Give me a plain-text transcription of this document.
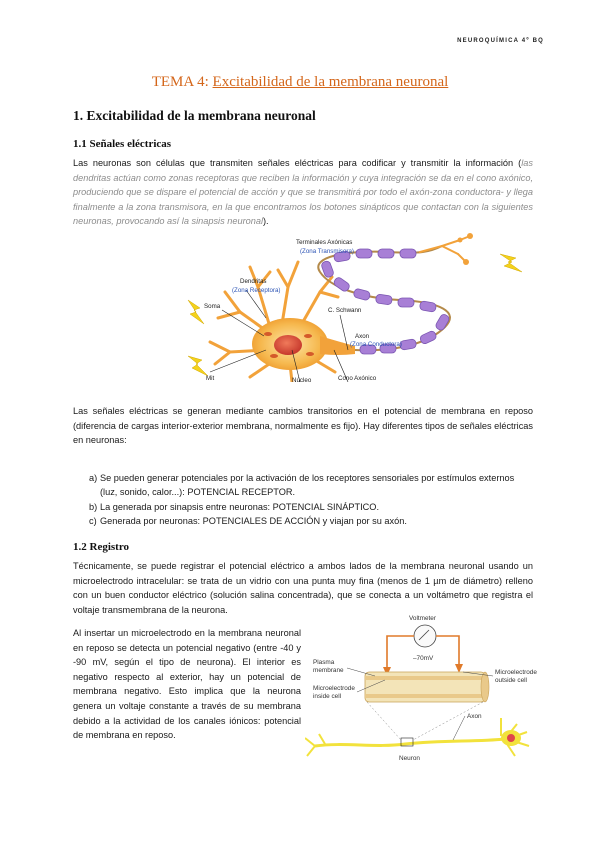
NEUROQUÍMICA 4º BQ
TEMA 4: Excitabilidad de la membrana neuronal
1. Excitabilidad de la membrana neuronal
1.1 Señales eléctricas

Las neuronas son células que transmiten señales eléctricas para codificar y transmitir la información (las dendritas actúan como zonas receptoras que reciben la información y cuya integración se da en el cono axónico, produciendo que se dispare el potencial de acción y que se transmitirá por todo el axón-zona conductora- y llega finalmente a la zona transmisora, en la que encontramos los botones sinápticos que contactan con la siguientes neuronas, provocando así la sinapsis neuronal).

Terminales Axónicas
(Zona Transmisora)
Dendritas
(Zona Receptora)
Soma
C. Schwann
Axon
(Zona Conductora)
Cono Axónico
Núcleo
Mit

Las señales eléctricas se generan mediante cambios transitorios en el potencial de membrana en reposo (diferencia de cargas interior-exterior membrana, normalmente es fijo). Hay diferentes tipos de señales eléctricas en neuronas:

a) Se pueden generar potenciales por la activación de los receptores sensoriales por estímulos externos (luz, sonido, calor...): POTENCIAL RECEPTOR.
b) La generada por sinapsis entre neuronas: POTENCIAL SINÁPTICO.
c) Generada por neuronas: POTENCIALES DE ACCIÓN y viajan por su axón.
1.2 Registro

Técnicamente, se puede registrar el potencial eléctrico a ambos lados de la membrana neuronal usando un microelectrodo intracelular: se trata de un vidrio con una punta muy fina (menos de 1 µm de diámetro) relleno con un buen conductor eléctrico (solución salina concentrada), que se conecta a un voltámetro que registra el voltaje transmembrana de la neurona.

Al insertar un microelectrodo en la membrana neuronal en reposo se detecta un potencial negativo (entre -40 y -90 mV, según el tipo de neurona). El interior es negativo respecto al exterior, hay un potencial de membrana negativo. Esto implica que la neurona genera un voltaje constante a través de su membrana debido a la actividad de los canales iónicos: potencial de membrana en reposo.

Voltmeter
–70mV
Plasma
membrane
Microelectrode
inside cell
Microelectrode
outside cell
Axon
Neuron
